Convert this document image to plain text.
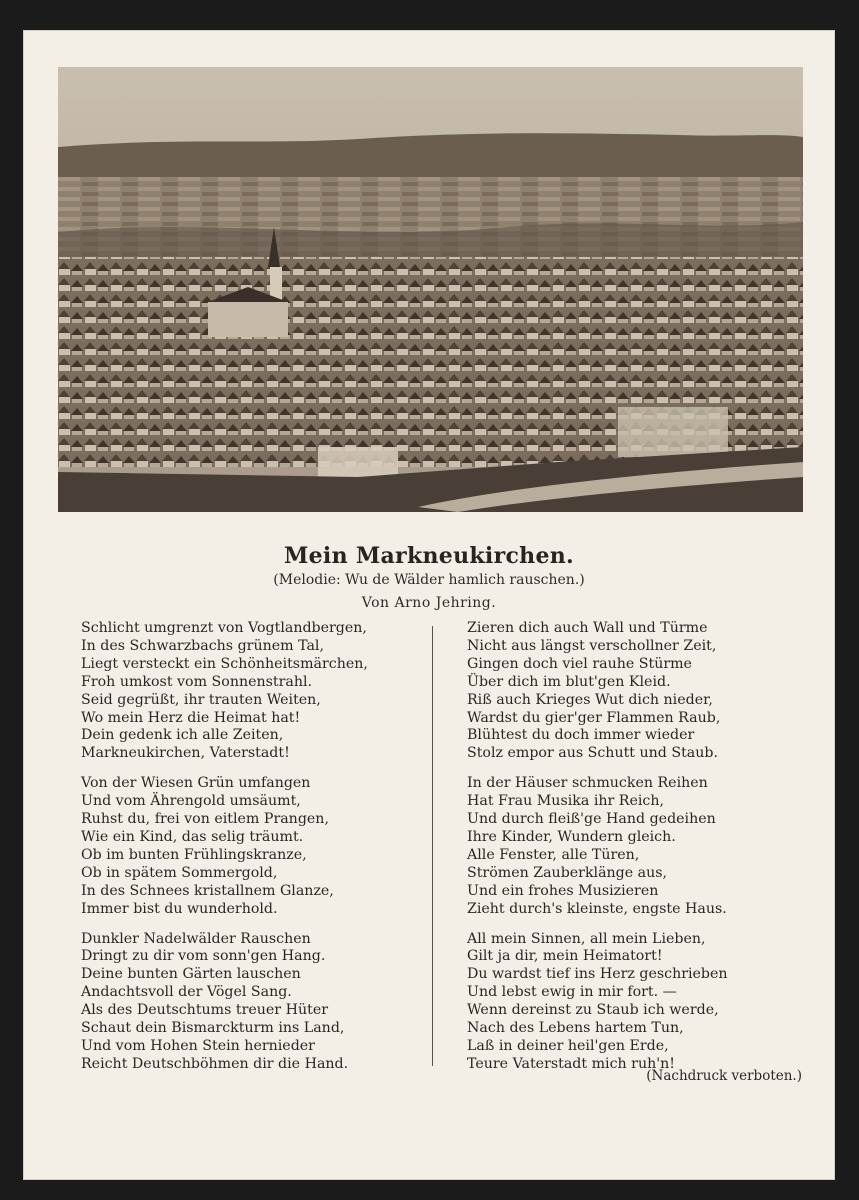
Mein Markneukirchen.
(Melodie: Wu de Wälder hamlich rauschen.)
Von Arno Jehring.
Schlicht umgrenzt von Vogtlandbergen,
In des Schwarzbachs grünem Tal,
Liegt versteckt ein Schönheitsmärchen,
Froh umkost vom Sonnenstrahl.
Seid gegrüßt, ihr trauten Weiten,
Wo mein Herz die Heimat hat!
Dein gedenk ich alle Zeiten,
Markneukirchen, Vaterstadt!
Von der Wiesen Grün umfangen
Und vom Ährengold umsäumt,
Ruhst du, frei von eitlem Prangen,
Wie ein Kind, das selig träumt.
Ob im bunten Frühlingskranze,
Ob in spätem Sommergold,
In des Schnees kristallnem Glanze,
Immer bist du wunderhold.
Dunkler Nadelwälder Rauschen
Dringt zu dir vom sonn'gen Hang.
Deine bunten Gärten lauschen
Andachtsvoll der Vögel Sang.
Als des Deutschtums treuer Hüter
Schaut dein Bismarckturm ins Land,
Und vom Hohen Stein hernieder
Reicht Deutschböhmen dir die Hand.
Zieren dich auch Wall und Türme
Nicht aus längst verschollner Zeit,
Gingen doch viel rauhe Stürme
Über dich im blut'gen Kleid.
Riß auch Krieges Wut dich nieder,
Wardst du gier'ger Flammen Raub,
Blühtest du doch immer wieder
Stolz empor aus Schutt und Staub.
In der Häuser schmucken Reihen
Hat Frau Musika ihr Reich,
Und durch fleiß'ge Hand gedeihen
Ihre Kinder, Wundern gleich.
Alle Fenster, alle Türen,
Strömen Zauberklänge aus,
Und ein frohes Musizieren
Zieht durch's kleinste, engste Haus.
All mein Sinnen, all mein Lieben,
Gilt ja dir, mein Heimatort!
Du wardst tief ins Herz geschrieben
Und lebst ewig in mir fort. —
Wenn dereinst zu Staub ich werde,
Nach des Lebens hartem Tun,
Laß in deiner heil'gen Erde,
Teure Vaterstadt mich ruh'n!
(Nachdruck verboten.)
